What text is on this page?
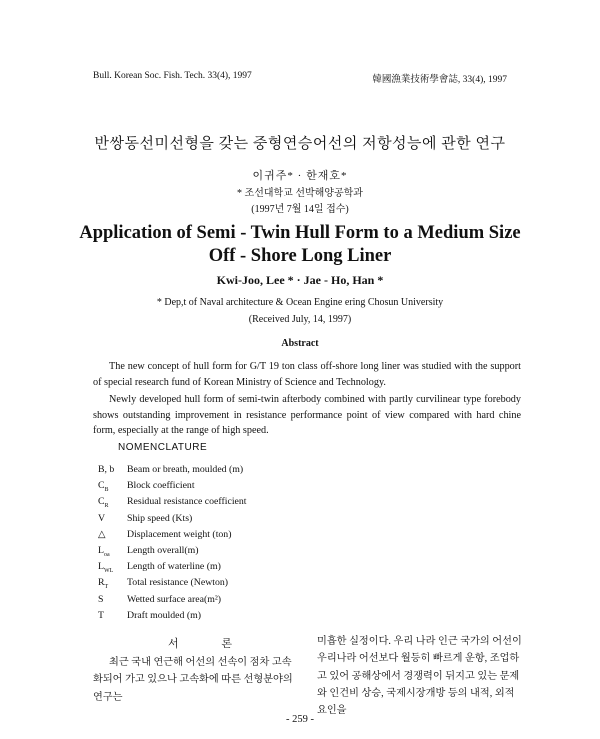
Bull. Korean Soc. Fish. Tech. 33(4), 1997	韓國漁業技術學會誌, 33(4), 1997
반쌍동선미선형을 갖는 중형연승어선의 저항성능에 관한 연구
이귀주* · 한재호*
* 조선대학교 선박해양공학과
(1997년 7월 14일 접수)
Application of Semi - Twin Hull Form to a Medium Size
Off - Shore Long Liner
Kwi-Joo, Lee * · Jae - Ho, Han *
* Dep,t of Naval architecture & Ocean Engine ering Chosun University
(Received July, 14, 1997)
Abstract
The new concept of hull form for G/T 19 ton class off-shore long liner was studied with the support of special research fund of Korean Ministry of Science and Technology.
Newly developed hull form of semi-twin afterbody combined with partly curvilinear type forebody shows outstanding improvement in resistance performance point of view compared with hard chine form, especially at the range of high speed.
NOMENCLATURE
B, b	Beam or breath, moulded (m)
$C_B$	Block coefficient
$C_R$	Residual resistance coefficient
V	Ship speed (Kts)
△	Displacement weight (ton)
$L_{oa}$	Length overall(m)
$L_{WL}$	Length of waterline (m)
$R_T$	Total resistance (Newton)
S	Wetted surface area(m²)
T	Draft moulded (m)
서 론
최근 국내 연근해 어선의 선속이 점차 고속화되어 가고 있으나 고속화에 따른 선형분야의 연구는
미흡한 실정이다. 우리 나라 인근 국가의 어선이 우리나라 어선보다 월등히 빠르게 운항, 조업하고 있어 공해상에서 경쟁력이 뒤지고 있는 문제와 인건비 상승, 국제시장개방 등의 내적, 외적요인을
- 259 -
